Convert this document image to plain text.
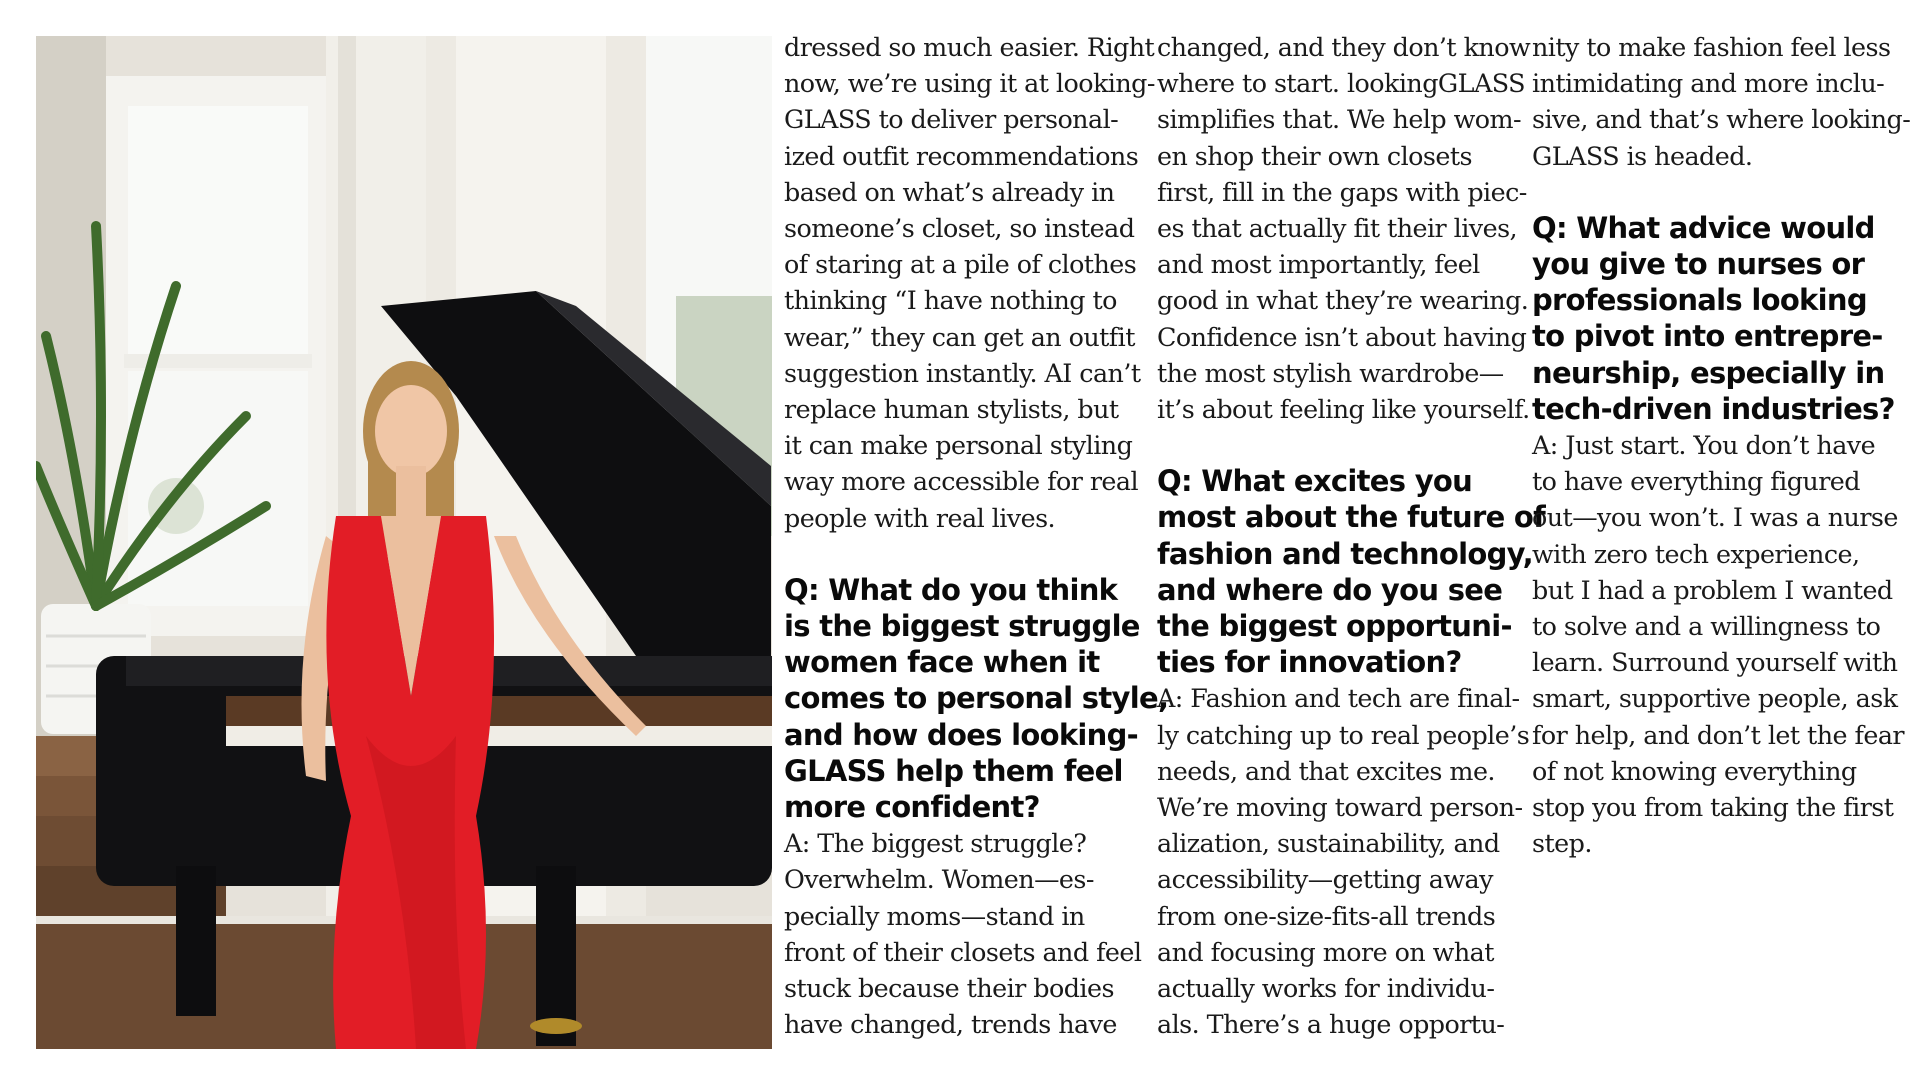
dressed so much easier. Right
now, we’re using it at looking-
GLASS to deliver personal-
ized outfit recommendations
based on what’s already in
someone’s closet, so instead
of staring at a pile of clothes
thinking “I have nothing to
wear,” they can get an outfit
suggestion instantly. AI can’t
replace human stylists, but
it can make personal styling
way more accessible for real
people with real lives.

Q: What do you think
is the biggest struggle
women face when it
comes to personal style,
and how does looking-
GLASS help them feel
more confident?

A: The biggest struggle?
Overwhelm. Women—es-
pecially moms—stand in
front of their closets and feel
stuck because their bodies
have changed, trends have

changed, and they don’t know
where to start. lookingGLASS
simplifies that. We help wom-
en shop their own closets
first, fill in the gaps with piec-
es that actually fit their lives,
and most importantly, feel
good in what they’re wearing.
Confidence isn’t about having
the most stylish wardrobe—
it’s about feeling like yourself.

Q: What excites you
most about the future of
fashion and technology,
and where do you see
the biggest opportuni-
ties for innovation?

A: Fashion and tech are final-
ly catching up to real people’s
needs, and that excites me.
We’re moving toward person-
alization, sustainability, and
accessibility—getting away
from one-size-fits-all trends
and focusing more on what
actually works for individu-
als. There’s a huge opportu-

nity to make fashion feel less
intimidating and more inclu-
sive, and that’s where looking-
GLASS is headed.

Q: What advice would
you give to nurses or
professionals looking
to pivot into entrepre-
neurship, especially in
tech-driven industries?

A: Just start. You don’t have
to have everything figured
out—you won’t. I was a nurse
with zero tech experience,
but I had a problem I wanted
to solve and a willingness to
learn. Surround yourself with
smart, supportive people, ask
for help, and don’t let the fear
of not knowing everything
stop you from taking the first
step.
